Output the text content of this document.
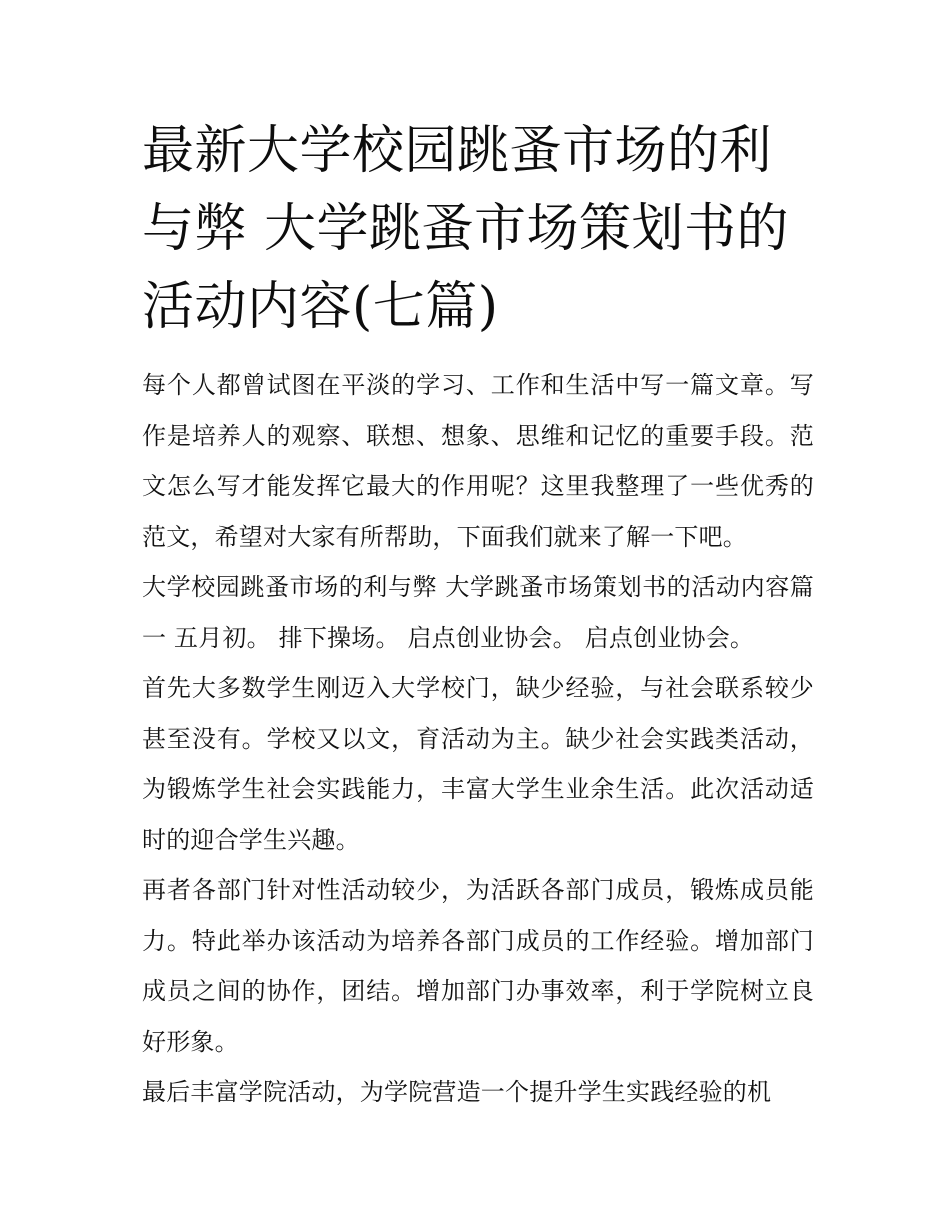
最新大学校园跳蚤市场的利与弊 大学跳蚤市场策划书的活动内容(七篇)

每个人都曾试图在平淡的学习、工作和生活中写一篇文章。写作是培养人的观察、联想、想象、思维和记忆的重要手段。范文怎么写才能发挥它最大的作用呢？这里我整理了一些优秀的范文，希望对大家有所帮助，下面我们就来了解一下吧。

大学校园跳蚤市场的利与弊 大学跳蚤市场策划书的活动内容篇一 五月初。 排下操场。 启点创业协会。 启点创业协会。

首先大多数学生刚迈入大学校门，缺少经验，与社会联系较少甚至没有。学校又以文，育活动为主。缺少社会实践类活动，为锻炼学生社会实践能力，丰富大学生业余生活。此次活动适时的迎合学生兴趣。

再者各部门针对性活动较少，为活跃各部门成员，锻炼成员能力。特此举办该活动为培养各部门成员的工作经验。增加部门成员之间的协作，团结。增加部门办事效率，利于学院树立良好形象。

最后丰富学院活动，为学院营造一个提升学生实践经验的机
